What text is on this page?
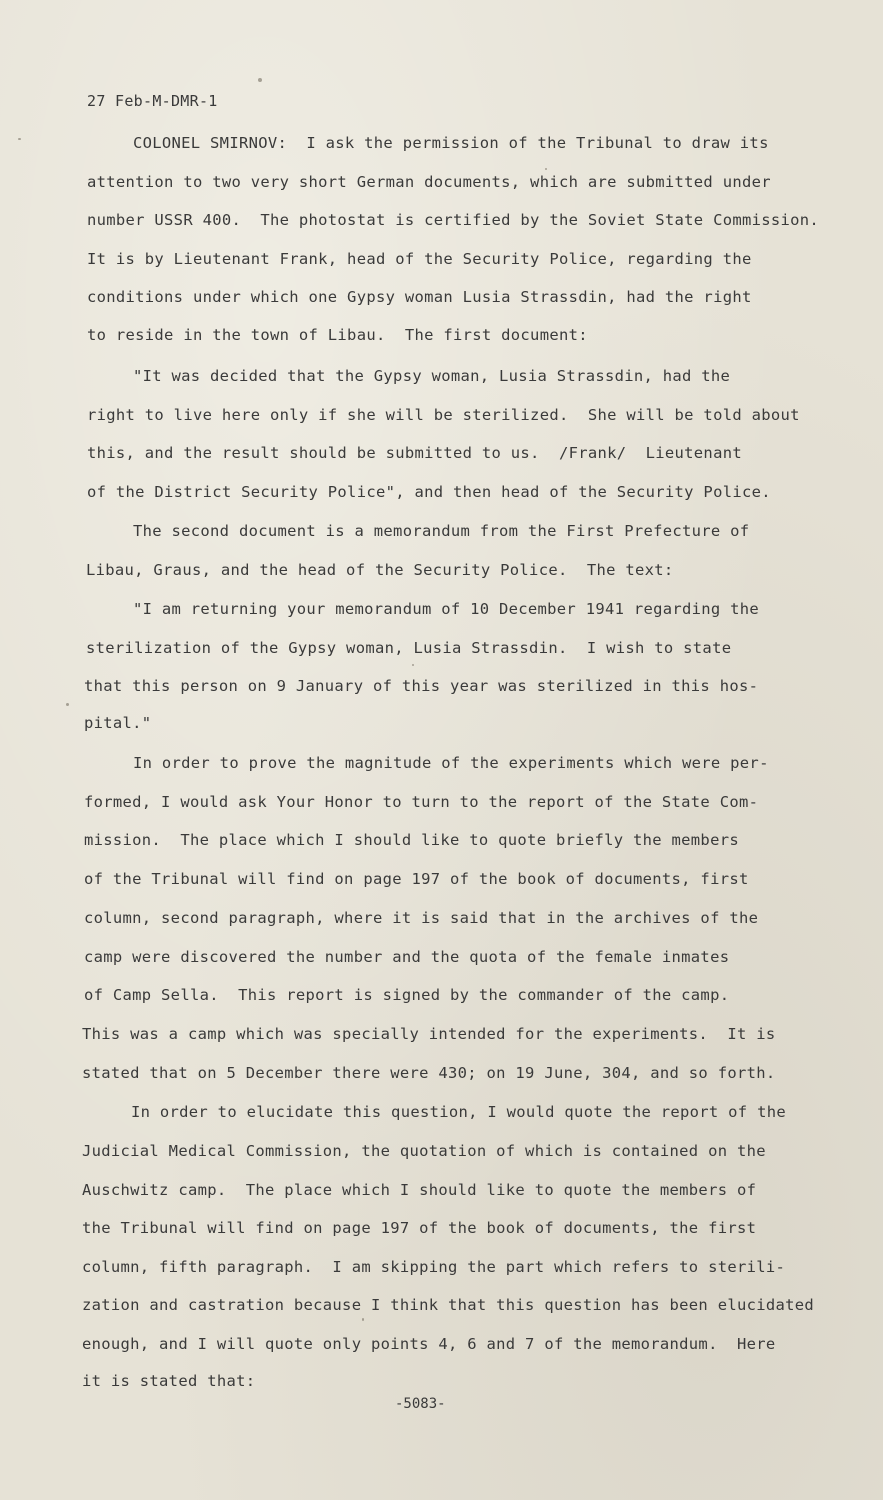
27 Feb-M-DMR-1
COLONEL SMIRNOV:  I ask the permission of the Tribunal to draw its
attention to two very short German documents, which are submitted under
number USSR 400.  The photostat is certified by the Soviet State Commission.
It is by Lieutenant Frank, head of the Security Police, regarding the
conditions under which one Gypsy woman Lusia Strassdin, had the right
to reside in the town of Libau.  The first document:
"It was decided that the Gypsy woman, Lusia Strassdin, had the
right to live here only if she will be sterilized.  She will be told about
this, and the result should be submitted to us.  /Frank/  Lieutenant
of the District Security Police", and then head of the Security Police.
The second document is a memorandum from the First Prefecture of
Libau, Graus, and the head of the Security Police.  The text:
"I am returning your memorandum of 10 December 1941 regarding the
sterilization of the Gypsy woman, Lusia Strassdin.  I wish to state
that this person on 9 January of this year was sterilized in this hos-
pital."
In order to prove the magnitude of the experiments which were per-
formed, I would ask Your Honor to turn to the report of the State Com-
mission.  The place which I should like to quote briefly the members
of the Tribunal will find on page 197 of the book of documents, first
column, second paragraph, where it is said that in the archives of the
camp were discovered the number and the quota of the female inmates
of Camp Sella.  This report is signed by the commander of the camp.
This was a camp which was specially intended for the experiments.  It is
stated that on 5 December there were 430; on 19 June, 304, and so forth.
In order to elucidate this question, I would quote the report of the
Judicial Medical Commission, the quotation of which is contained on the
Auschwitz camp.  The place which I should like to quote the members of
the Tribunal will find on page 197 of the book of documents, the first
column, fifth paragraph.  I am skipping the part which refers to sterili-
zation and castration because I think that this question has been elucidated
enough, and I will quote only points 4, 6 and 7 of the memorandum.  Here
it is stated that:
-5083-
